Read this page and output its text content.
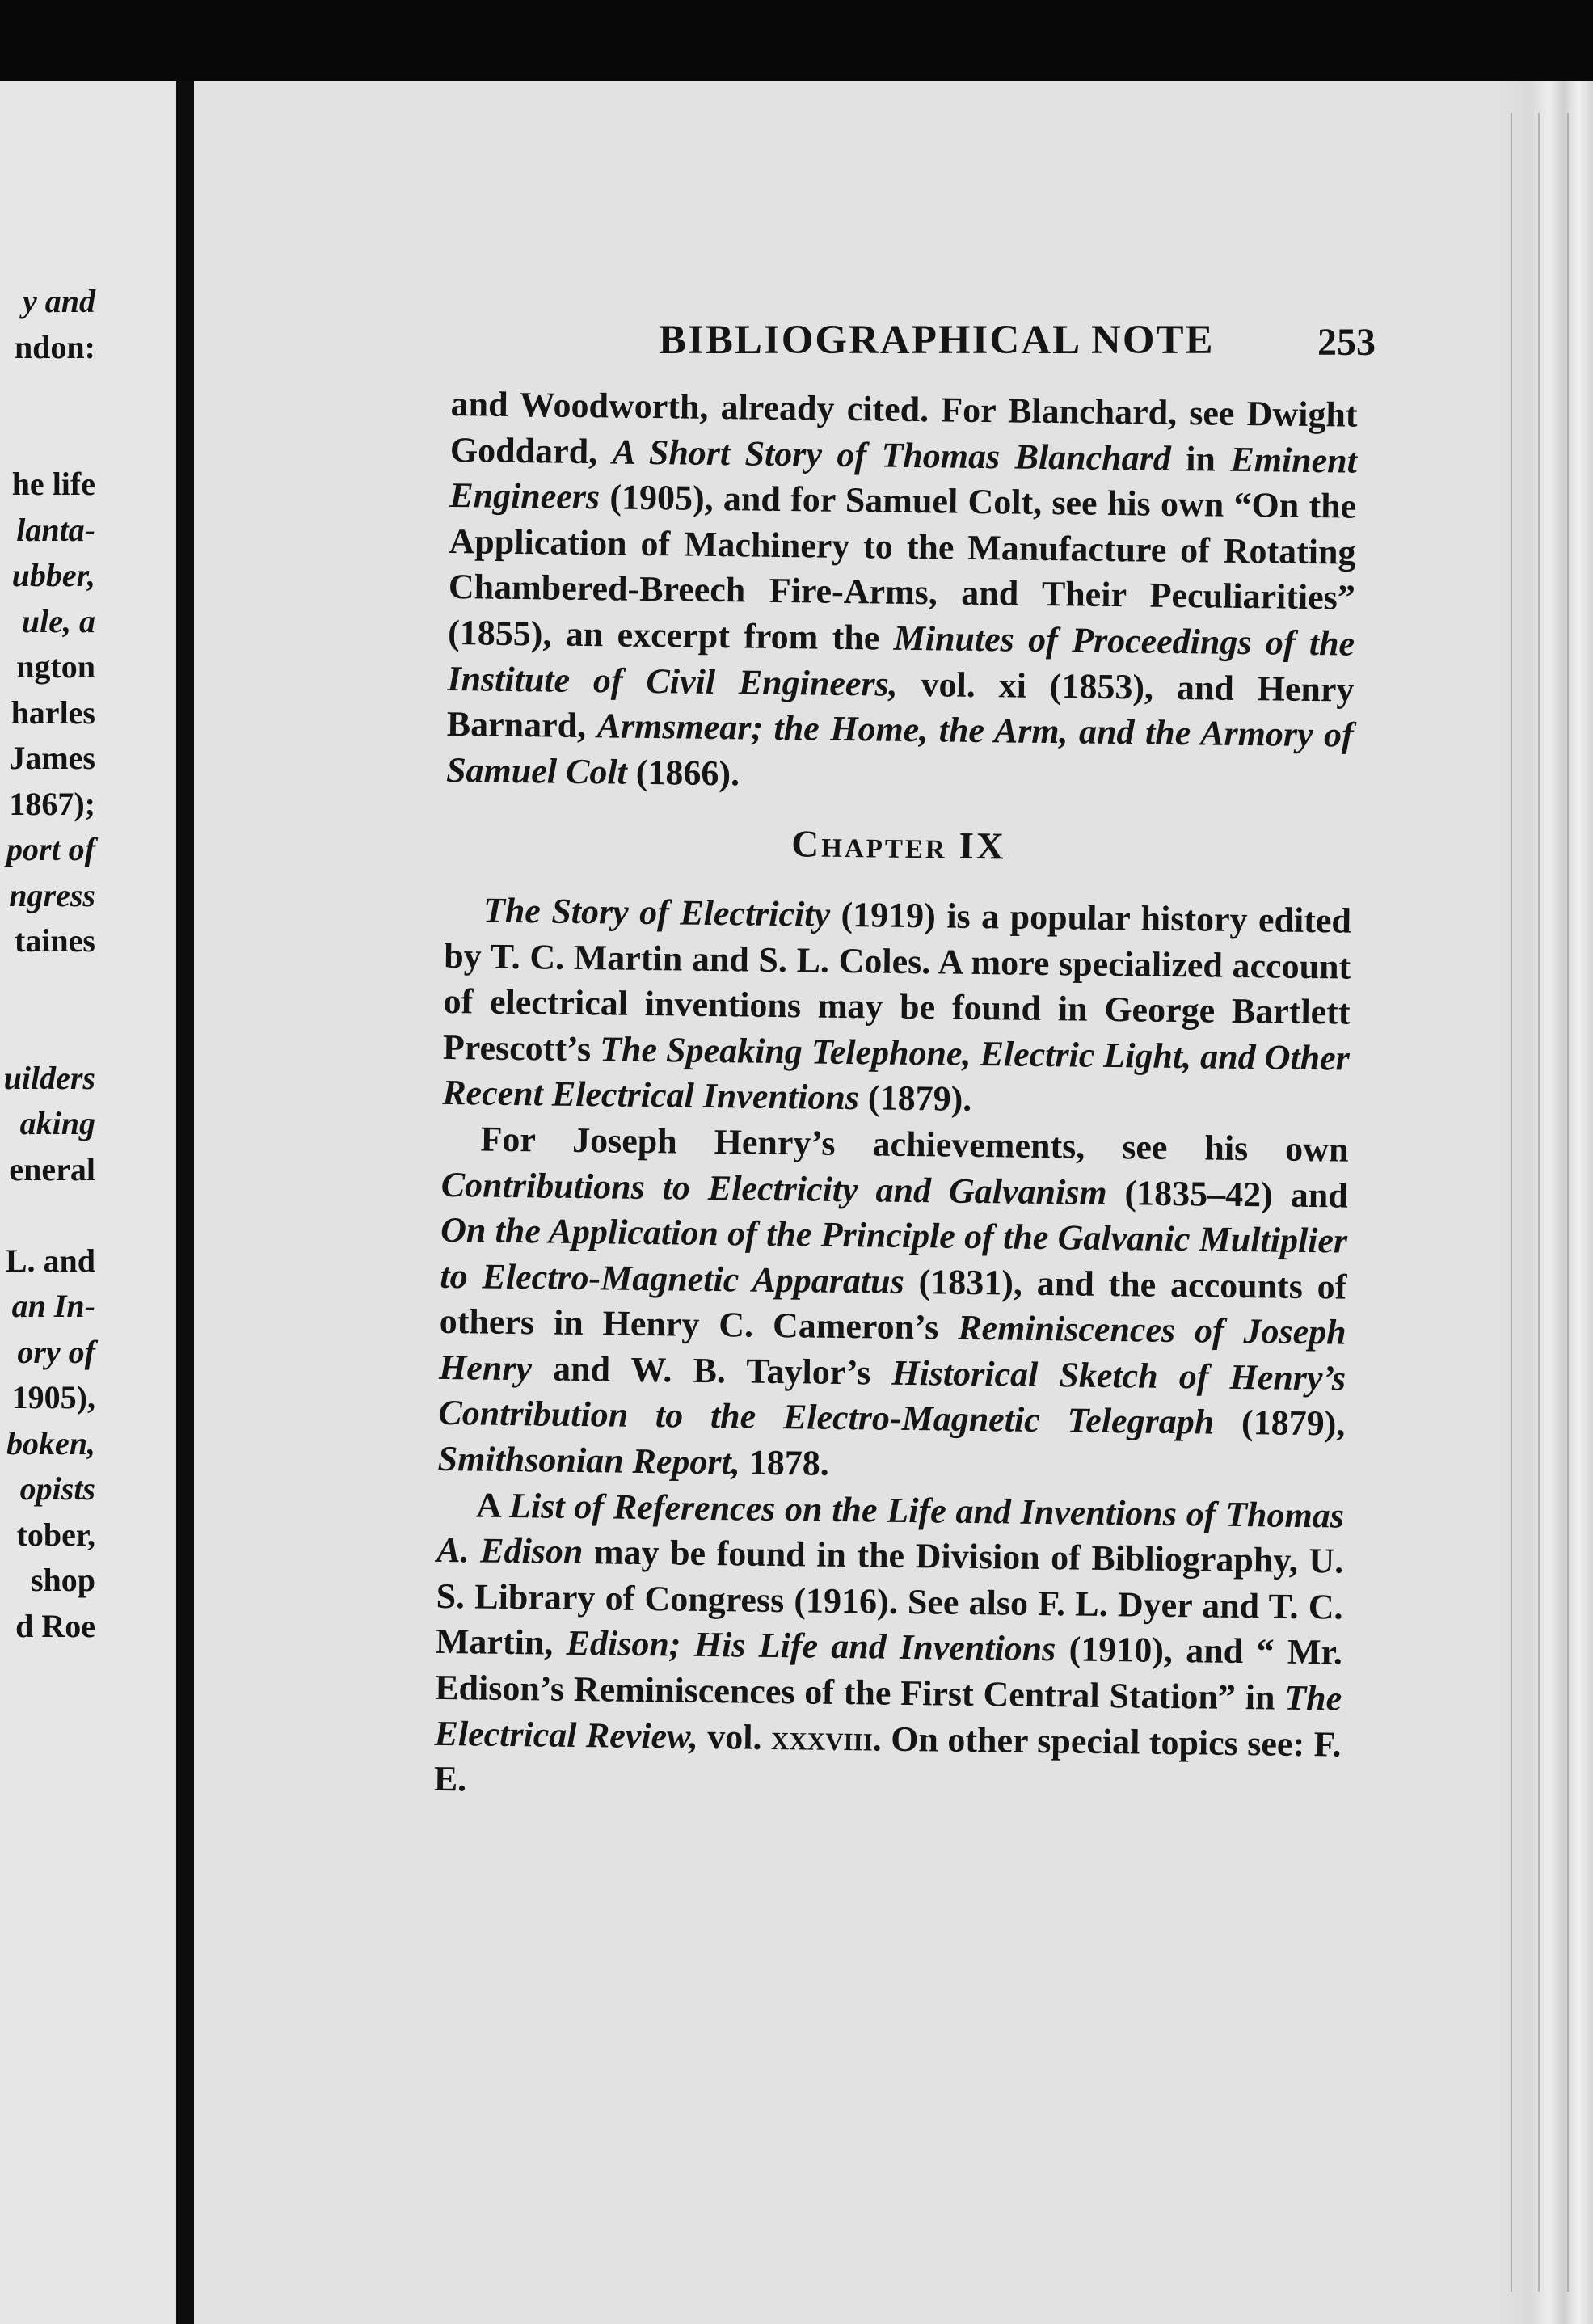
y and
ndon:
he life
lanta-
ubber,
ule, a
ngton
harles
James
1867);
port of
ngress
taines
uilders
aking
eneral
L. and
an In-
ory of
1905),
boken,
opists
tober,
shop
d Roe
BIBLIOGRAPHICAL NOTE	253

and Woodworth, already cited. For Blanchard, see Dwight Goddard, A Short Story of Thomas Blanchard in Eminent Engineers (1905), and for Samuel Colt, see his own “On the Application of Machinery to the Manufacture of Rotating Chambered-Breech Fire-Arms, and Their Peculiarities” (1855), an excerpt from the Minutes of Proceedings of the Institute of Civil Engineers, vol. xi (1853), and Henry Barnard, Armsmear; the Home, the Arm, and the Armory of Samuel Colt (1866).

Chapter IX

The Story of Electricity (1919) is a popular history edited by T. C. Martin and S. L. Coles. A more specialized account of electrical inventions may be found in George Bartlett Prescott’s The Speaking Telephone, Electric Light, and Other Recent Electrical Inventions (1879).

For Joseph Henry’s achievements, see his own Contributions to Electricity and Galvanism (1835–42) and On the Application of the Principle of the Galvanic Multiplier to Electro-Magnetic Apparatus (1831), and the accounts of others in Henry C. Cameron’s Reminiscences of Joseph Henry and W. B. Taylor’s Historical Sketch of Henry’s Contribution to the Electro-Magnetic Telegraph (1879), Smithsonian Report, 1878.

A List of References on the Life and Inventions of Thomas A. Edison may be found in the Division of Bibliography, U. S. Library of Congress (1916). See also F. L. Dyer and T. C. Martin, Edison; His Life and Inventions (1910), and “ Mr. Edison’s Reminiscences of the First Central Station” in The Electrical Review, vol. xxxviii. On other special topics see: F. E.
